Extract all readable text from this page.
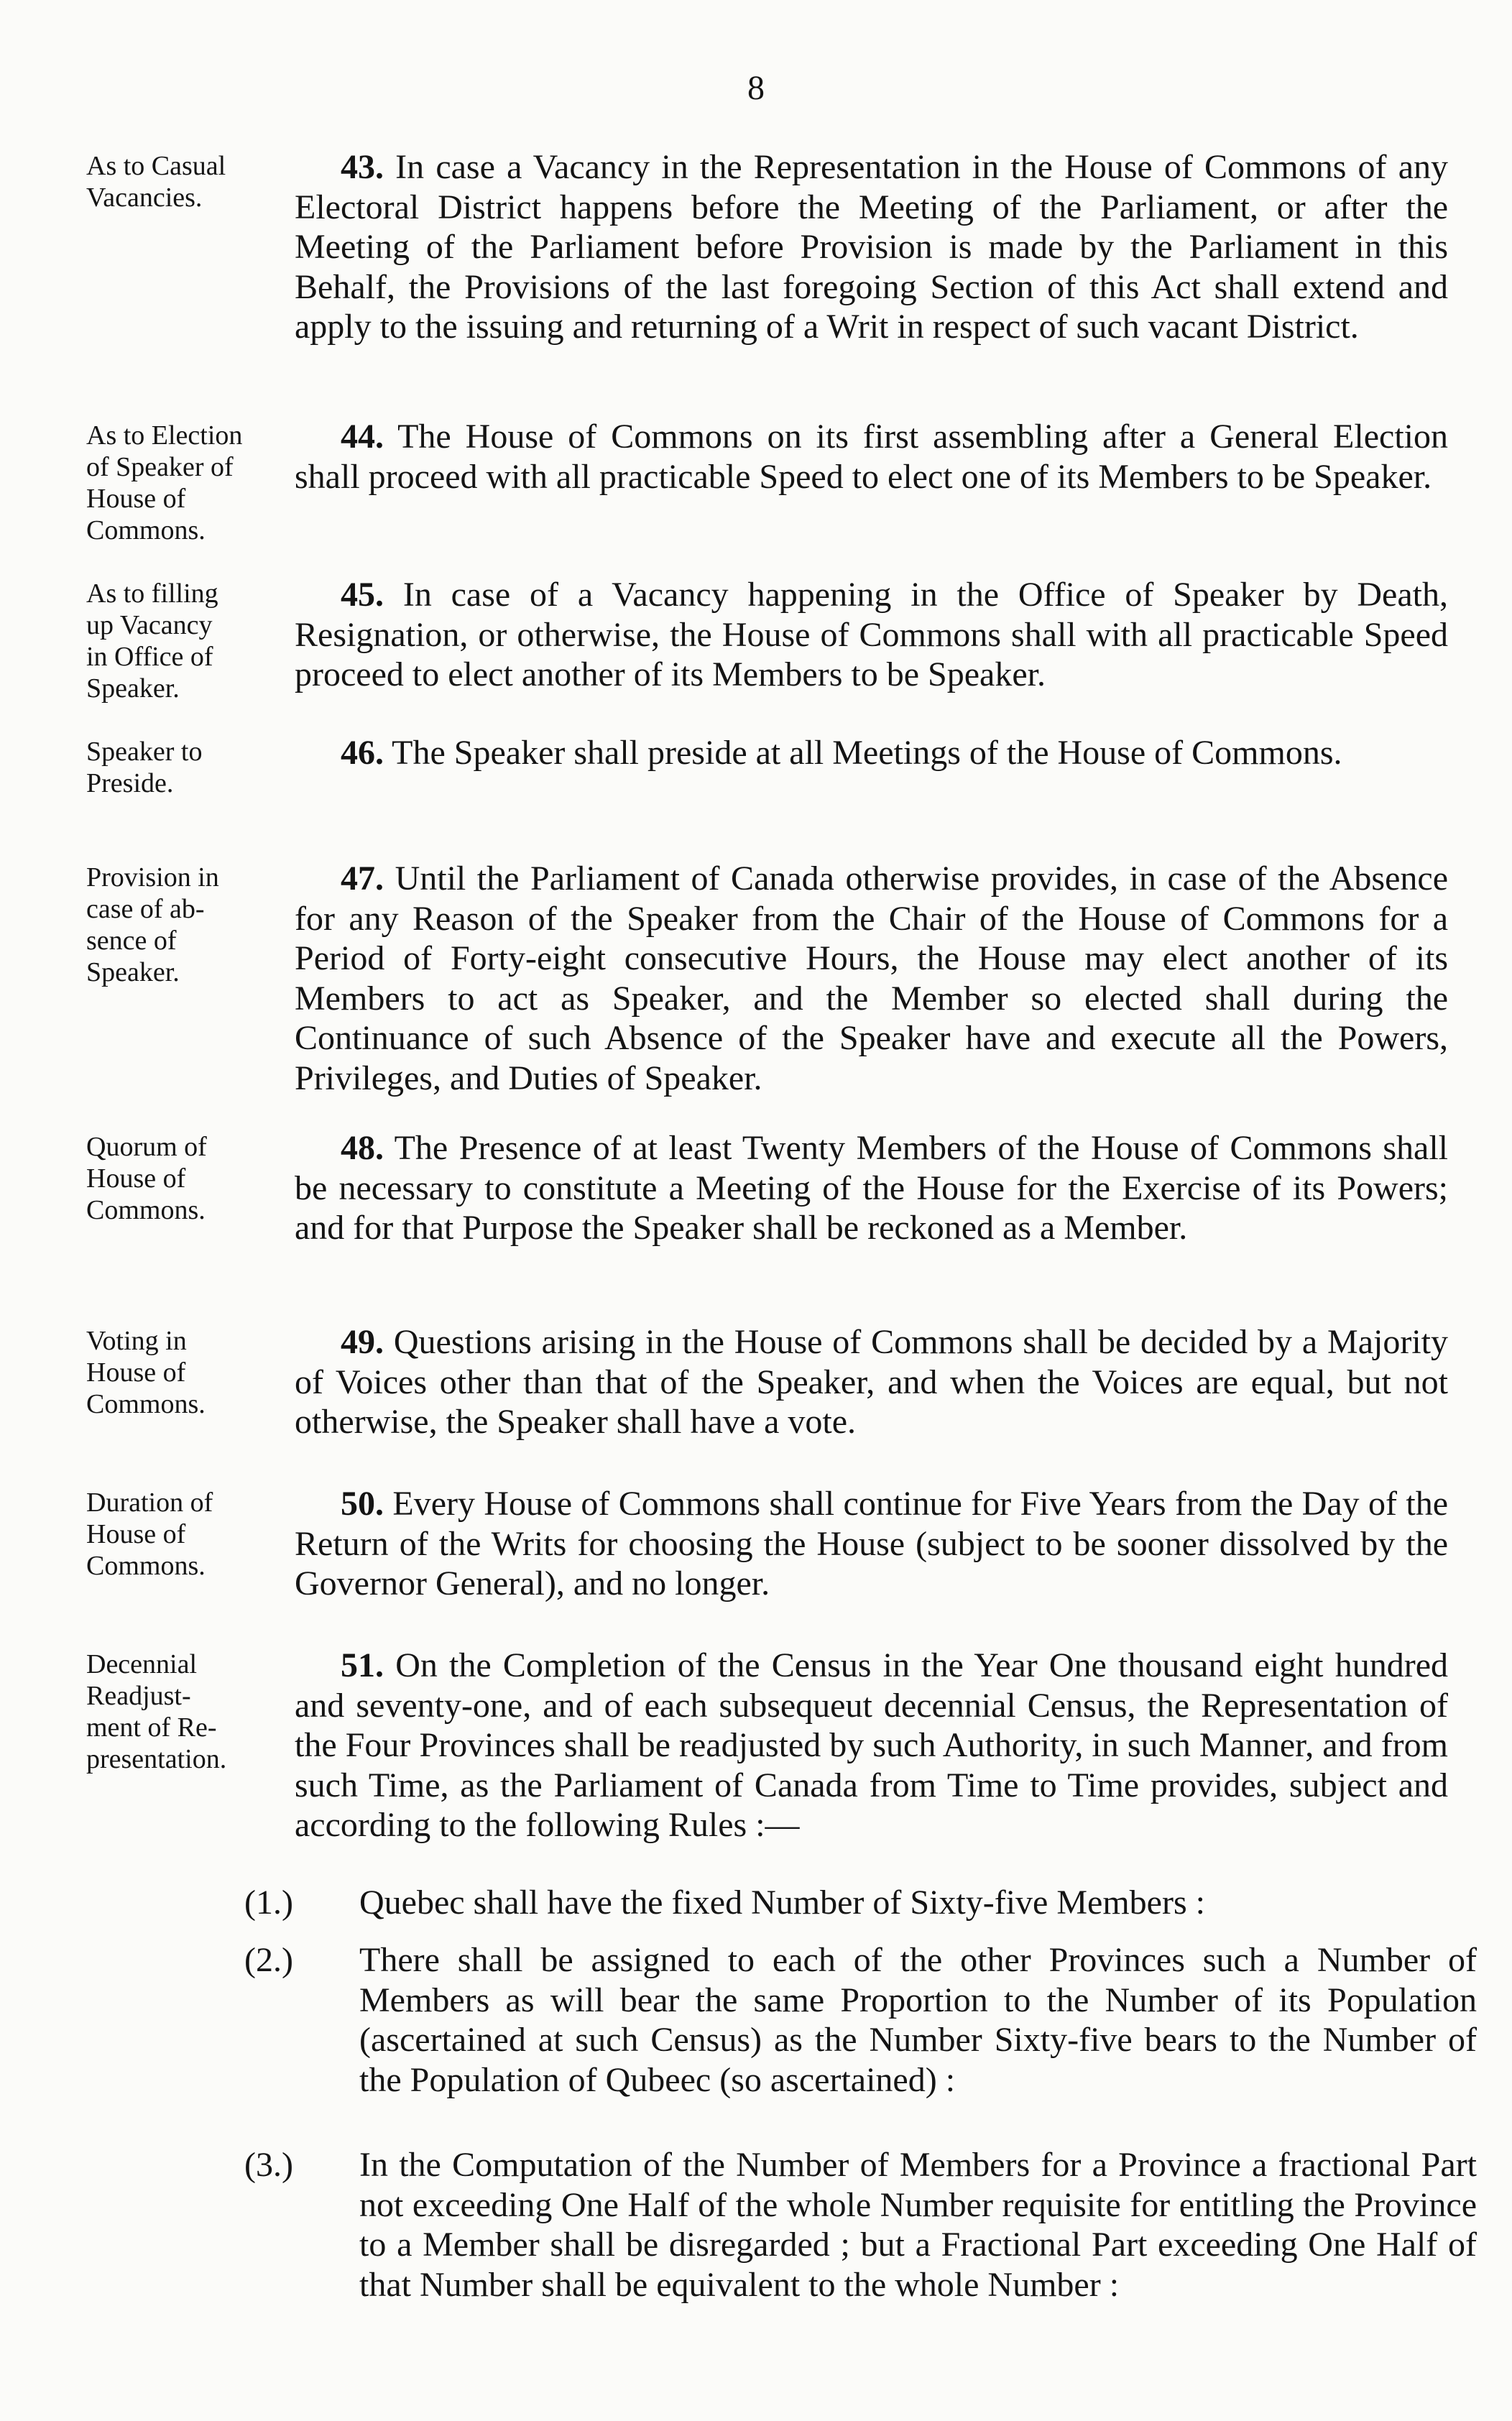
8
As to Casual
Vacancies.
43. In case a Vacancy in the Representation in the House of Commons of any Electoral District happens before the Meeting of the Parliament, or after the Meeting of the Parliament before Provision is made by the Parliament in this Behalf, the Provisions of the last foregoing Section of this Act shall extend and apply to the issuing and returning of a Writ in respect of such vacant District.
As to Election
of Speaker of
House of
Commons.
44. The House of Commons on its first assembling after a General Election shall proceed with all practicable Speed to elect one of its Members to be Speaker.
As to filling
up Vacancy
in Office of
Speaker.
45. In case of a Vacancy happening in the Office of Speaker by Death, Resignation, or otherwise, the House of Commons shall with all practicable Speed proceed to elect another of its Members to be Speaker.
Speaker to
Preside.
46. The Speaker shall preside at all Meetings of the House of Commons.
Provision in
case of ab-
sence of
Speaker.
47. Until the Parliament of Canada otherwise provides, in case of the Absence for any Reason of the Speaker from the Chair of the House of Commons for a Period of Forty-eight consecutive Hours, the House may elect another of its Members to act as Speaker, and the Member so elected shall during the Continuance of such Absence of the Speaker have and execute all the Powers, Privileges, and Duties of Speaker.
Quorum of
House of
Commons.
48. The Presence of at least Twenty Members of the House of Commons shall be necessary to constitute a Meeting of the House for the Exercise of its Powers; and for that Purpose the Speaker shall be reckoned as a Member.
Voting in
House of
Commons.
49. Questions arising in the House of Commons shall be decided by a Majority of Voices other than that of the Speaker, and when the Voices are equal, but not otherwise, the Speaker shall have a vote.
Duration of
House of
Commons.
50. Every House of Commons shall continue for Five Years from the Day of the Return of the Writs for choosing the House (subject to be sooner dissolved by the Governor General), and no longer.
Decennial
Readjust-
ment of Re-
presentation.
51. On the Completion of the Census in the Year One thousand eight hundred and seventy-one, and of each subsequeut decennial Census, the Representation of the Four Provinces shall be readjusted by such Authority, in such Manner, and from such Time, as the Parliament of Canada from Time to Time provides, subject and according to the following Rules :—
(1.) Quebec shall have the fixed Number of Sixty-five Members :
(2.) There shall be assigned to each of the other Provinces such a Number of Members as will bear the same Proportion to the Number of its Population (ascertained at such Census) as the Number Sixty-five bears to the Number of the Population of Qubeec (so ascertained) :
(3.) In the Computation of the Number of Members for a Province a fractional Part not exceeding One Half of the whole Number requisite for entitling the Province to a Member shall be disregarded ; but a Fractional Part exceeding One Half of that Number shall be equivalent to the whole Number :
